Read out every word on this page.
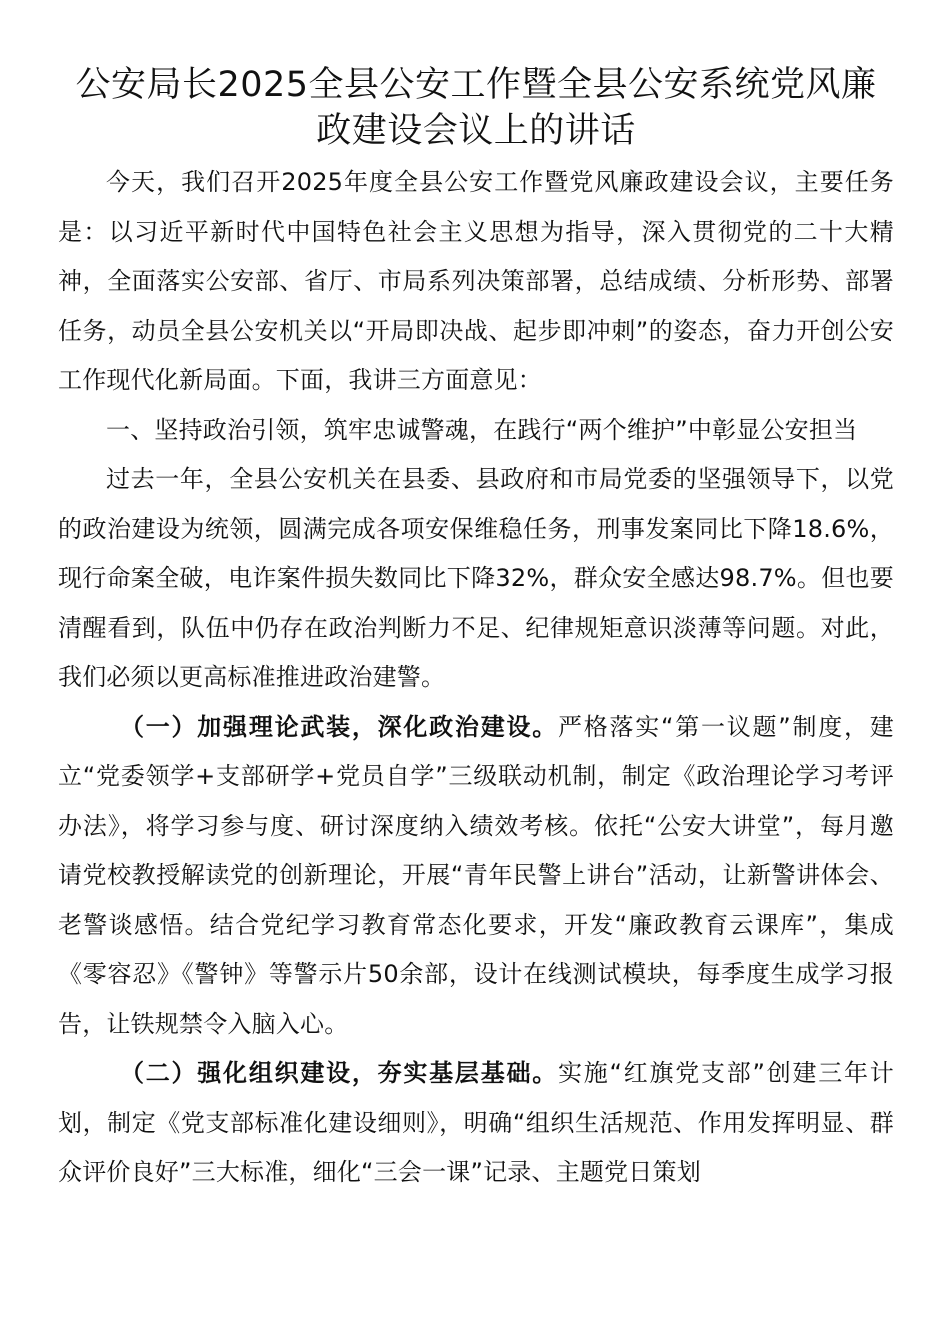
公安局长2025全县公安工作暨全县公安系统党风廉政建设会议上的讲话

今天，我们召开2025年度全县公安工作暨党风廉政建设会议，主要任务是：以习近平新时代中国特色社会主义思想为指导，深入贯彻党的二十大精神，全面落实公安部、省厅、市局系列决策部署，总结成绩、分析形势、部署任务，动员全县公安机关以“开局即决战、起步即冲刺”的姿态，奋力开创公安工作现代化新局面。下面，我讲三方面意见：

一、坚持政治引领，筑牢忠诚警魂，在践行“两个维护”中彰显公安担当

过去一年，全县公安机关在县委、县政府和市局党委的坚强领导下，以党的政治建设为统领，圆满完成各项安保维稳任务，刑事发案同比下降18.6%，现行命案全破，电诈案件损失数同比下降32%，群众安全感达98.7%。但也要清醒看到，队伍中仍存在政治判断力不足、纪律规矩意识淡薄等问题。对此，我们必须以更高标准推进政治建警。

（一）加强理论武装，深化政治建设。严格落实“第一议题”制度，建立“党委领学+支部研学+党员自学”三级联动机制，制定《政治理论学习考评办法》，将学习参与度、研讨深度纳入绩效考核。依托“公安大讲堂”，每月邀请党校教授解读党的创新理论，开展“青年民警上讲台”活动，让新警讲体会、老警谈感悟。结合党纪学习教育常态化要求，开发“廉政教育云课库”，集成《零容忍》《警钟》等警示片50余部，设计在线测试模块，每季度生成学习报告，让铁规禁令入脑入心。

（二）强化组织建设，夯实基层基础。实施“红旗党支部”创建三年计划，制定《党支部标准化建设细则》，明确“组织生活规范、作用发挥明显、群众评价良好”三大标准，细化“三会一课”记录、主题党日策划
